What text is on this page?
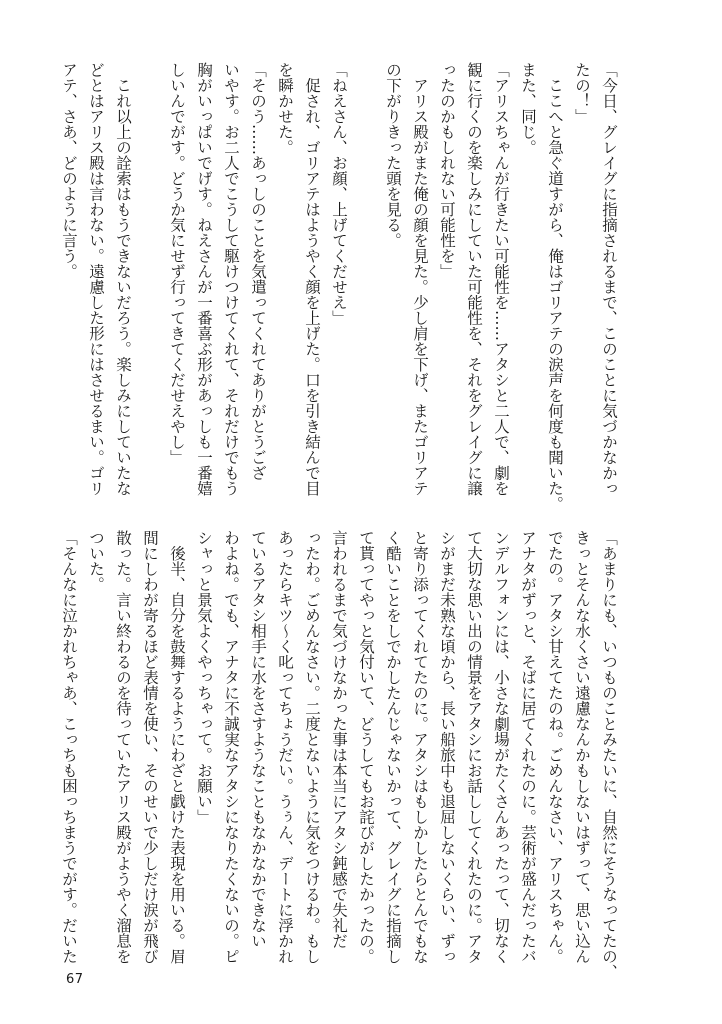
「今日、グレイグに指摘されるまで、このことに気づかなかっ

たの！」

　ここへと急ぐ道すがら、俺はゴリアテの涙声を何度も聞いた。

また、同じ。

「アリスちゃんが行きたい可能性を……アタシと二人で、劇を

観に行くのを楽しみにしていた可能性を、それをグレイグに譲

ったのかもしれない可能性を」

　アリス殿がまた俺の顔を見た。少し肩を下げ、またゴリアテ

の下がりきった頭を見る。

「ねえさん、お顔、上げてくだせえ」

　促され、ゴリアテはようやく顔を上げた。口を引き結んで目

を瞬かせた。

「そのう……あっしのことを気遣ってくれてありがとうござ

いやす。お二人でこうして駆けつけてくれて、それだけでもう

胸がいっぱいでげす。ねえさんが一番喜ぶ形があっしも一番嬉

しいんでがす。どうか気にせず行ってきてくだせえやし」

　これ以上の詮索はもうできないだろう。楽しみにしていたな

どとはアリス殿は言わない。遠慮した形にはさせるまい。ゴリ

アテ、さあ、どのように言う。

「あまりにも、いつものことみたいに、自然にそうなってたの、

きっとそんな水くさい遠慮なんかもしないはずって、思い込ん

でたの。アタシ甘えてたのね。ごめんなさい、アリスちゃん。

アナタがずっと、そばに居てくれたのに。芸術が盛んだったバ

ンデルフォンには、小さな劇場がたくさんあったって、切なく

て大切な思い出の情景をアタシにお話ししてくれたのに。アタ

シがまだ未熟な頃から、長い船旅中も退屈しないくらい、ずっ

と寄り添ってくれてたのに。アタシはもしかしたらとんでもな

く酷いことをしでかしたんじゃないかって、グレイグに指摘し

て貰ってやっと気付いて、どうしてもお詫びがしたかったの。

言われるまで気づけなかった事は本当にアタシ鈍感で失礼だ

ったわ。ごめんなさい。二度とないように気をつけるわ。もし

あったらキツ～く叱ってちょうだい。うぅん、デートに浮かれ

ているアタシ相手に水をさすようなこともなかなかできない

わよね。でも、アナタに不誠実なアタシになりたくないの。ピ

シャっと景気よくやっちゃって。お願い」

　後半、自分を鼓舞するようにわざと戯けた表現を用いる。眉

間にしわが寄るほど表情を使い、そのせいで少しだけ涙が飛び

散った。言い終わるのを待っていたアリス殿がようやく溜息を

ついた。

「そんなに泣かれちゃあ、こっちも困っちまうでがす。だいた

67
